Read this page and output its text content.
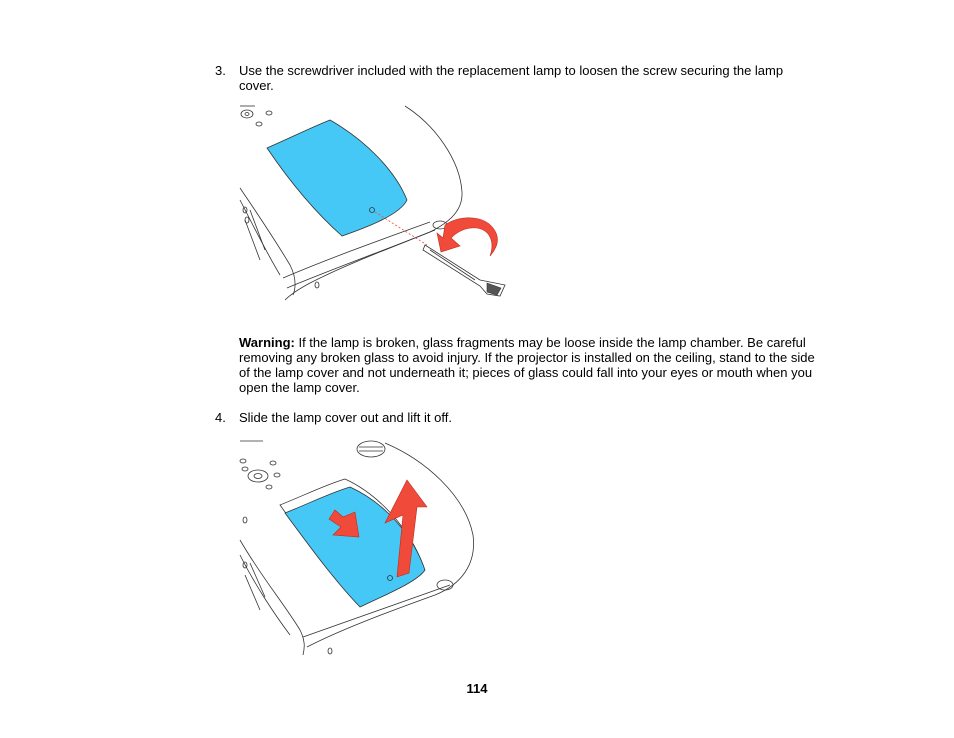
3. Use the screwdriver included with the replacement lamp to loosen the screw securing the lamp cover.
Warning: If the lamp is broken, glass fragments may be loose inside the lamp chamber. Be careful removing any broken glass to avoid injury. If the projector is installed on the ceiling, stand to the side of the lamp cover and not underneath it; pieces of glass could fall into your eyes or mouth when you open the lamp cover.
4. Slide the lamp cover out and lift it off.
114
